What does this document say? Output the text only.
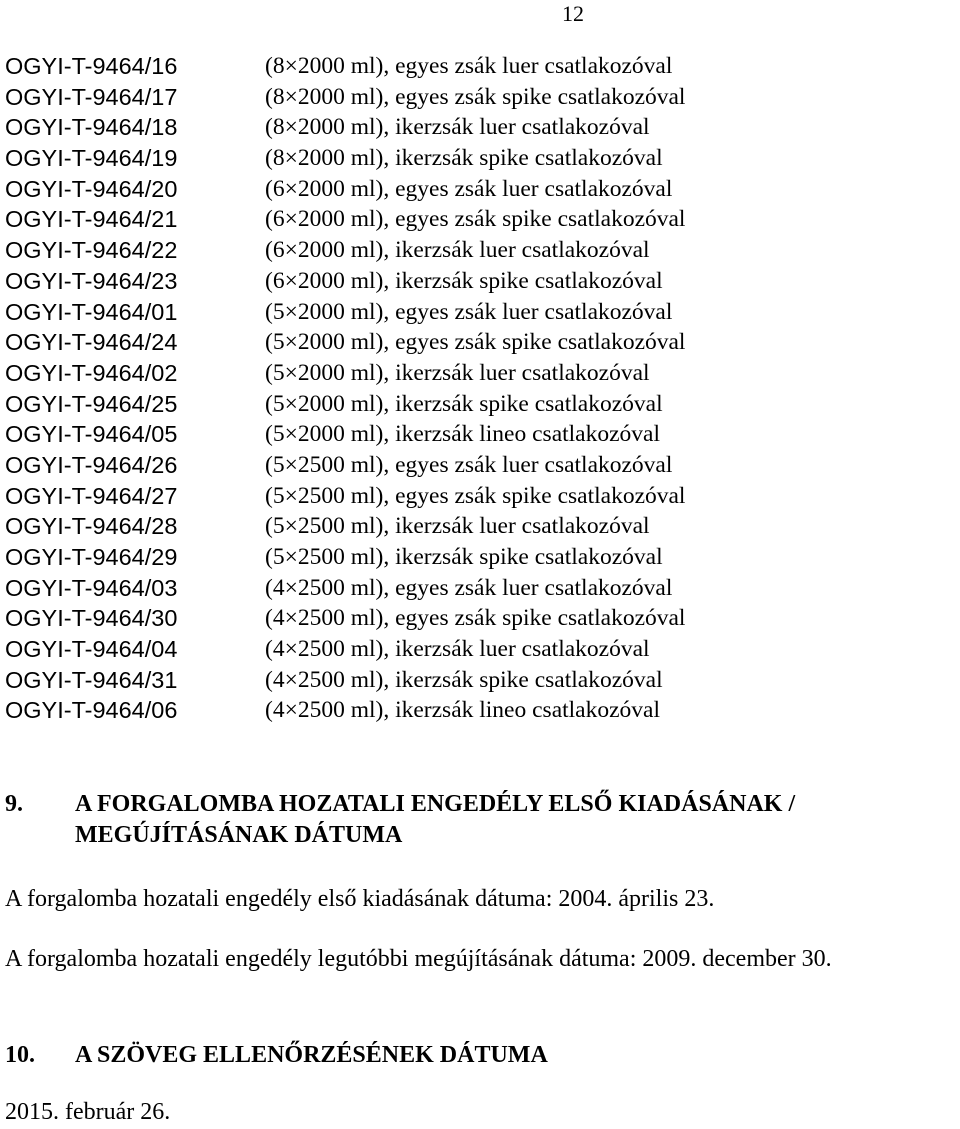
12
OGYI-T-9464/16	(8×2000 ml), egyes zsák luer csatlakozóval
OGYI-T-9464/17	(8×2000 ml), egyes zsák spike csatlakozóval
OGYI-T-9464/18	(8×2000 ml), ikerzsák luer csatlakozóval
OGYI-T-9464/19	(8×2000 ml), ikerzsák spike csatlakozóval
OGYI-T-9464/20	(6×2000 ml), egyes zsák luer csatlakozóval
OGYI-T-9464/21	(6×2000 ml), egyes zsák spike csatlakozóval
OGYI-T-9464/22	(6×2000 ml), ikerzsák luer csatlakozóval
OGYI-T-9464/23	(6×2000 ml), ikerzsák spike csatlakozóval
OGYI-T-9464/01	(5×2000 ml), egyes zsák luer csatlakozóval
OGYI-T-9464/24	(5×2000 ml), egyes zsák spike csatlakozóval
OGYI-T-9464/02	(5×2000 ml), ikerzsák luer csatlakozóval
OGYI-T-9464/25	(5×2000 ml), ikerzsák spike csatlakozóval
OGYI-T-9464/05	(5×2000 ml), ikerzsák lineo csatlakozóval
OGYI-T-9464/26	(5×2500 ml), egyes zsák luer csatlakozóval
OGYI-T-9464/27	(5×2500 ml), egyes zsák spike csatlakozóval
OGYI-T-9464/28	(5×2500 ml), ikerzsák luer csatlakozóval
OGYI-T-9464/29	(5×2500 ml), ikerzsák spike csatlakozóval
OGYI-T-9464/03	(4×2500 ml), egyes zsák luer csatlakozóval
OGYI-T-9464/30	(4×2500 ml), egyes zsák spike csatlakozóval
OGYI-T-9464/04	(4×2500 ml), ikerzsák luer csatlakozóval
OGYI-T-9464/31	(4×2500 ml), ikerzsák spike csatlakozóval
OGYI-T-9464/06	(4×2500 ml), ikerzsák lineo csatlakozóval
9. A FORGALOMBA HOZATALI ENGEDÉLY ELSŐ KIADÁSÁNAK / MEGÚJÍTÁSÁNAK DÁTUMA
A forgalomba hozatali engedély első kiadásának dátuma: 2004. április 23.
A forgalomba hozatali engedély legutóbbi megújításának dátuma: 2009. december 30.
10. A SZÖVEG ELLENŐRZÉSÉNEK DÁTUMA
2015. február 26.
